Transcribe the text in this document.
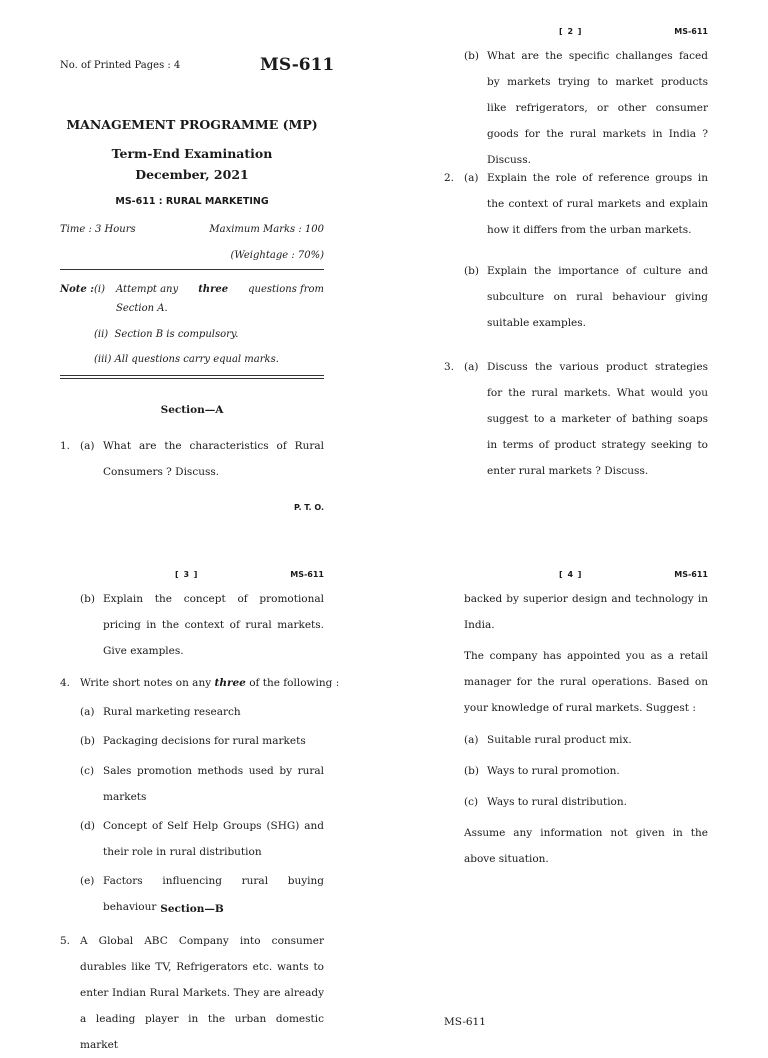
No. of Printed Pages : 4	MS-611
MANAGEMENT PROGRAMME (MP)
Term-End Examination
December, 2021
MS-611 : RURAL MARKETING
Time : 3 Hours	Maximum Marks : 100
(Weightage : 70%)
Note : (i) Attempt any three questions from
Section A.
(ii)  Section B is compulsory.
(iii) All questions carry equal marks.
Section—A
1. (a) What are the characteristics of Rural Consumers ? Discuss.
P. T. O.
[ 2 ]	MS-611
(b) What are the specific challanges faced by markets trying to market products like refrigerators, or other consumer goods for the rural markets in India ? Discuss.
2. (a) Explain the role of reference groups in the context of rural markets and explain how it differs from the urban markets.
(b) Explain the importance of culture and subculture on rural behaviour giving suitable examples.
3. (a) Discuss the various product strategies for the rural markets. What would you suggest to a marketer of bathing soaps in terms of product strategy seeking to enter rural markets ? Discuss.
[ 3 ]	MS-611
(b) Explain the concept of promotional pricing in the context of rural markets. Give examples.
4. Write short notes on any three of the following :
(a) Rural marketing research
(b) Packaging decisions for rural markets
(c) Sales promotion methods used by rural markets
(d) Concept of Self Help Groups (SHG) and their role in rural distribution
(e) Factors influencing rural buying behaviour Section—B
5. A Global ABC Company into consumer durables like TV, Refrigerators etc. wants to enter Indian Rural Markets. They are already a leading player in the urban domestic market
[ 4 ]	MS-611
backed by superior design and technology in India.
The company has appointed you as a retail manager for the rural operations. Based on your knowledge of rural markets. Suggest :
(a) Suitable rural product mix.
(b) Ways to rural promotion.
(c) Ways to rural distribution.
Assume any information not given in the above situation.
MS-611
